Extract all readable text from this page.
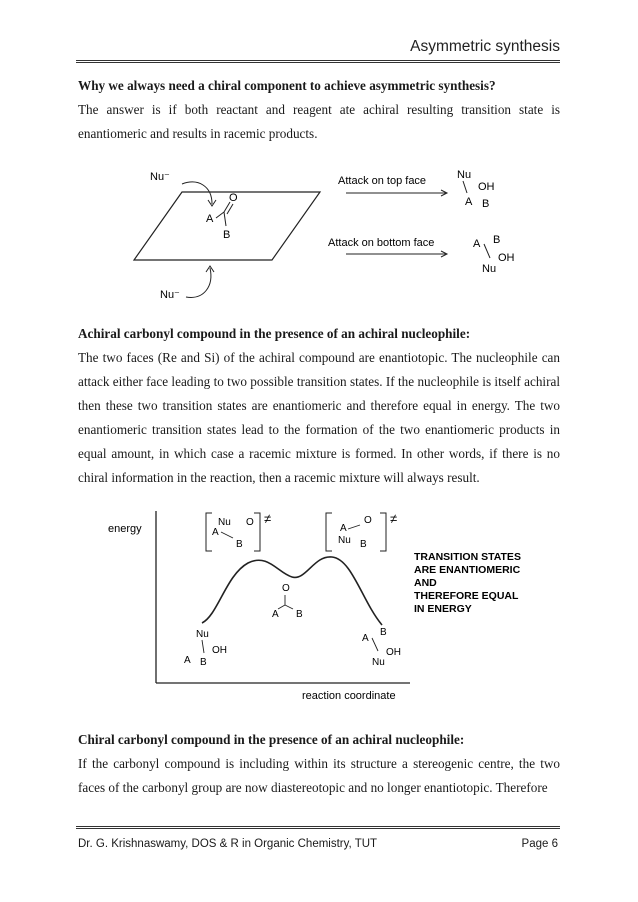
Asymmetric synthesis

Why we always need a chiral component to achieve asymmetric synthesis?

The answer is if both reactant and reagent ate achiral resulting transition state is enantiomeric and results in racemic products.

Nu⁻
Nu⁻
A
O
B
Attack on top face	Nu
OH
A B
Attack on bottom face	A B
OH
Nu

Achiral carbonyl compound in the presence of an achiral nucleophile:

The two faces (Re and Si) of the achiral compound are enantiotopic. The nucleophile can attack either face leading to two possible transition states. If the nucleophile is itself achiral then these two transition states are enantiomeric and therefore equal in energy. The two enantiomeric transition states lead to the formation of the two enantiomeric products in equal amount, in which case a racemic mixture is formed. In other words, if there is no chiral information in the reaction, then a racemic mixture will always result.

energy
reaction coordinate
≠
Nu O
A
B
≠
A
O
Nu B
O
A B
Nu
OH
A B
A
B
OH
Nu
TRANSITION STATES
ARE ENANTIOMERIC
AND
THEREFORE EQUAL
IN ENERGY

Chiral carbonyl compound in the presence of an achiral nucleophile:

If the carbonyl compound is including within its structure a stereogenic centre, the two faces of the carbonyl group are now diastereotopic and no longer enantiotopic. Therefore

Dr. G. Krishnaswamy, DOS & R in Organic Chemistry, TUT	Page 6
